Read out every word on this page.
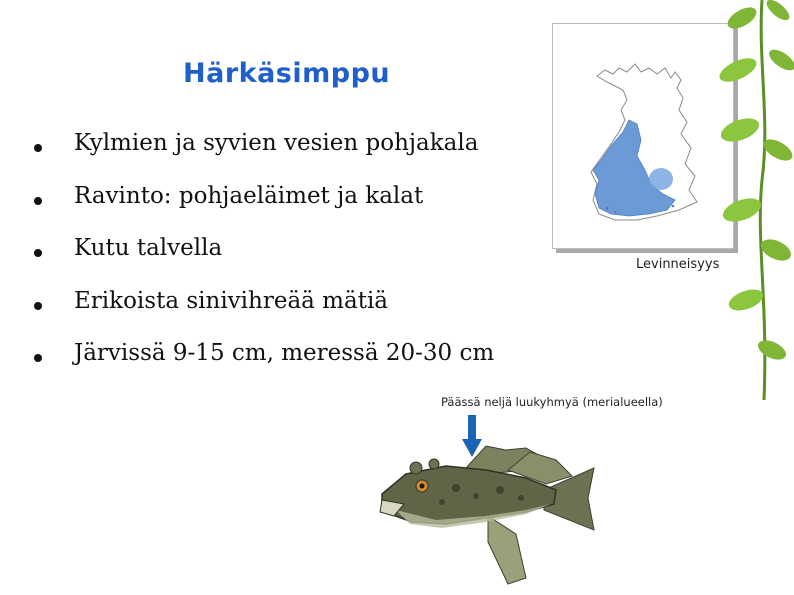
Härkäsimppu
Kylmien ja syvien vesien pohjakala
Ravinto: pohjaeläimet ja kalat
Kutu talvella
Erikoista sinivihreää mätiä
Järvissä 9-15 cm, meressä 20-30 cm
Levinneisyys
Päässä neljä luukyhmyä (merialueella)
